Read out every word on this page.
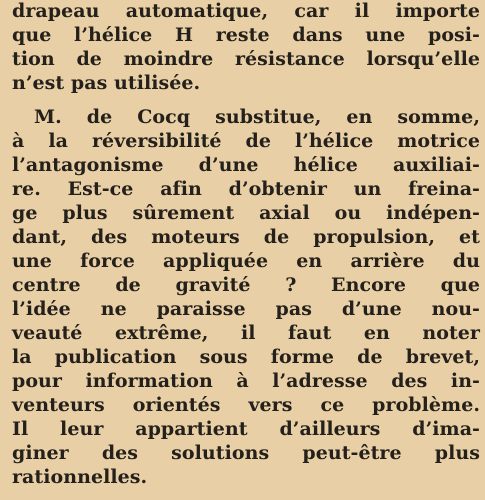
drapeau automatique, car il importe
que l’hélice H reste dans une posi-
tion de moindre résistance lorsqu’elle
n’est pas utilisée.
M. de Cocq substitue, en somme,
à la réversibilité de l’hélice motrice
l’antagonisme d’une hélice auxiliai-
re. Est-ce afin d’obtenir un freina-
ge plus sûrement axial ou indépen-
dant, des moteurs de propulsion, et
une force appliquée en arrière du
centre de gravité ? Encore que
l’idée ne paraisse pas d’une nou-
veauté extrême, il faut en noter
la publication sous forme de brevet,
pour information à l’adresse des in-
venteurs orientés vers ce problème.
Il leur appartient d’ailleurs d’ima-
giner des solutions peut-être plus
rationnelles.
